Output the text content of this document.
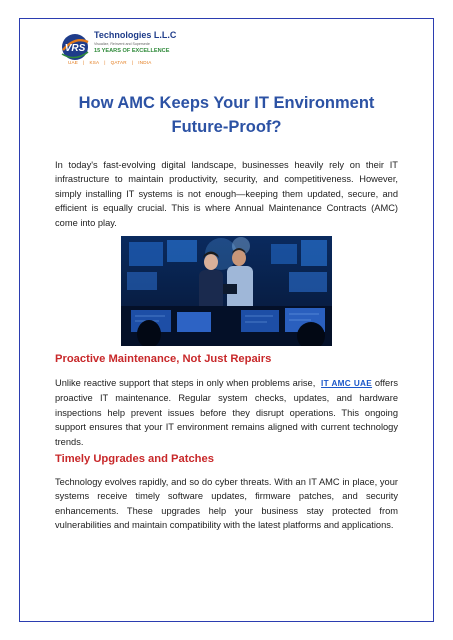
VRS
Technologies L.L.C
Visualize, Reinvent and Supersede
15 YEARS OF EXCELLENCE
UAE | KSA | QATAR | INDIA
How AMC Keeps Your IT Environment
Future-Proof?
In today's fast-evolving digital landscape, businesses heavily rely on their IT infrastructure to maintain productivity, security, and competitiveness. However, simply installing IT systems is not enough—keeping them updated, secure, and efficient is equally crucial. This is where Annual Maintenance Contracts (AMC) come into play.
Proactive Maintenance, Not Just Repairs
Unlike reactive support that steps in only when problems arise, IT AMC UAE offers proactive IT maintenance. Regular system checks, updates, and hardware inspections help prevent issues before they disrupt operations. This ongoing support ensures that your IT environment remains aligned with current technology trends.
Timely Upgrades and Patches
Technology evolves rapidly, and so do cyber threats. With an IT AMC in place, your systems receive timely software updates, firmware patches, and security enhancements. These upgrades help your business stay protected from vulnerabilities and maintain compatibility with the latest platforms and applications.
